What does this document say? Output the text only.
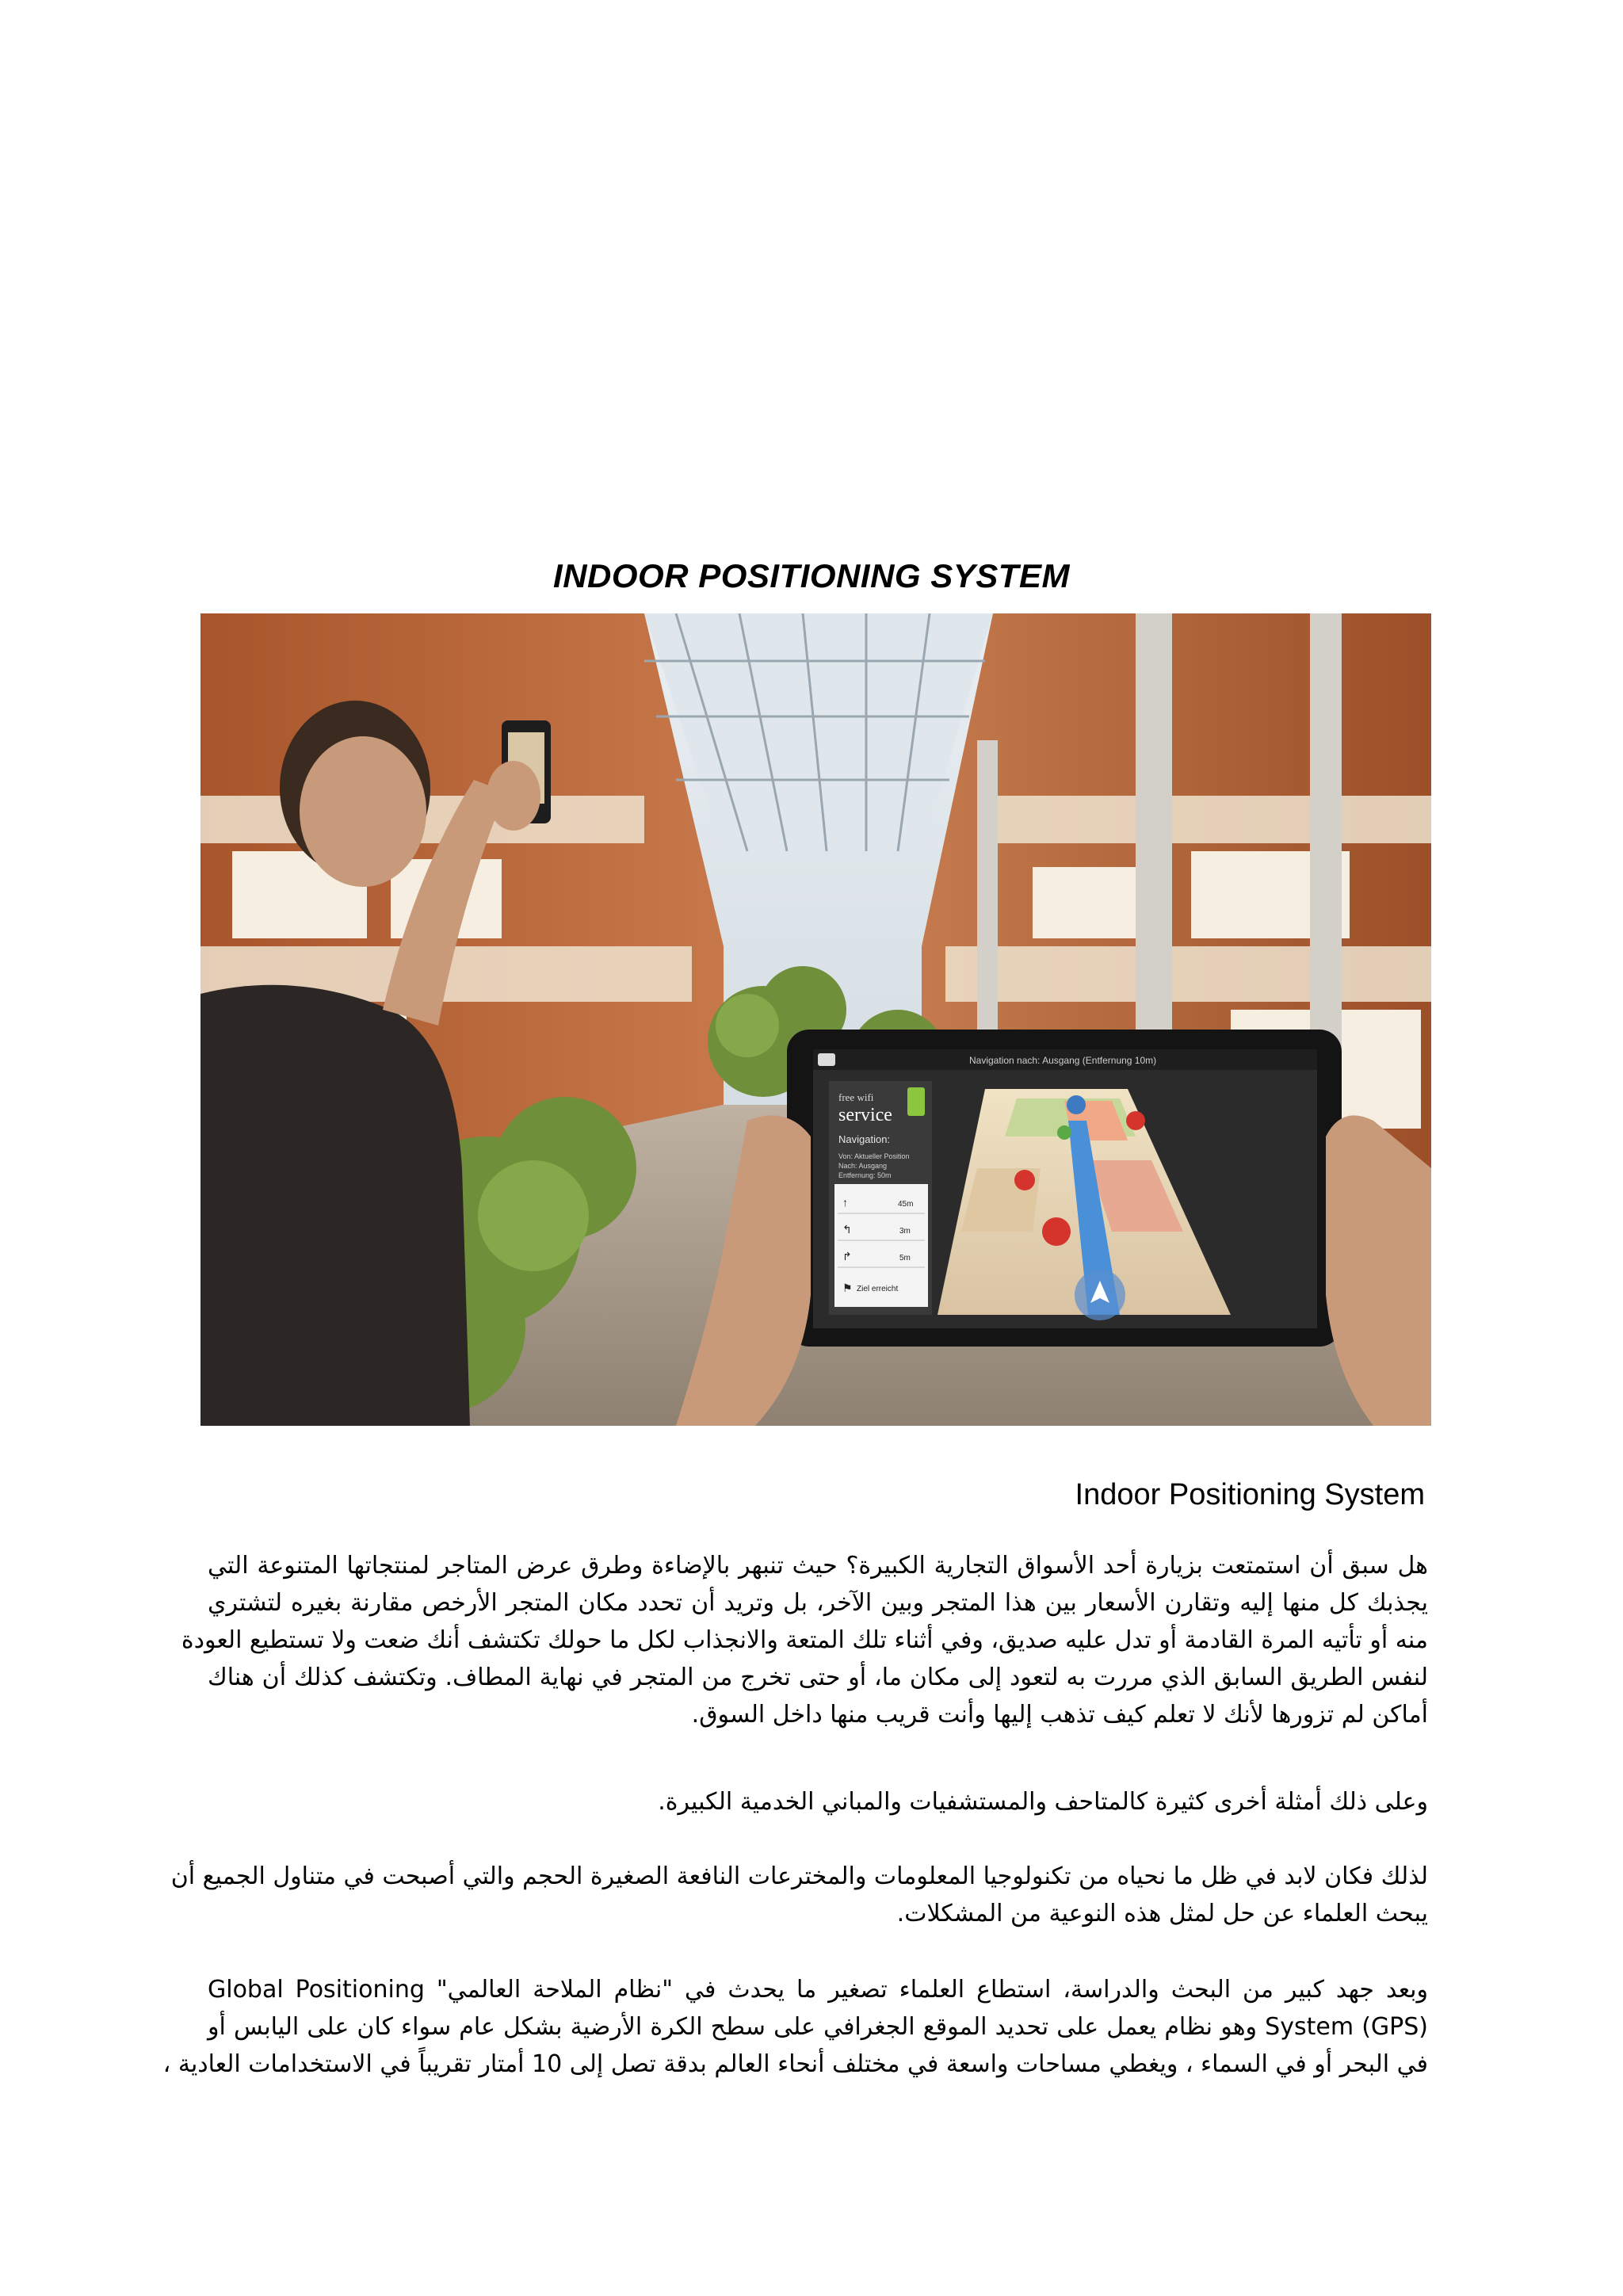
INDOOR POSITIONING SYSTEM
Navigation nach: Ausgang (Entfernung 10m)
free wifi
service
Navigation:
Von: Aktueller Position
Nach: Ausgang
Entfernung: 50m
↑	45m
↰	3m
↱	5m
⚑ Ziel erreicht
Indoor Positioning System
هل سبق أن استمتعت بزيارة أحد الأسواق التجارية الكبيرة؟ حيث تنبهر بالإضاءة وطرق عرض المتاجر لمنتجاتها المتنوعة التي
يجذبك كل منها إليه وتقارن الأسعار بين هذا المتجر وبين الآخر، بل وتريد أن تحدد مكان المتجر الأرخص مقارنة بغيره لتشتري
منه أو تأتيه المرة القادمة أو تدل عليه صديق، وفي أثناء تلك المتعة والانجذاب لكل ما حولك تكتشف أنك ضعت ولا تستطيع العودة
لنفس الطريق السابق الذي مررت به لتعود إلى مكان ما، أو حتى تخرج من المتجر في نهاية المطاف. وتكتشف كذلك أن هناك
أماكن لم تزورها لأنك لا تعلم كيف تذهب إليها وأنت قريب منها داخل السوق.
وعلى ذلك أمثلة أخرى كثيرة كالمتاحف والمستشفيات والمباني الخدمية الكبيرة.
لذلك فكان لابد في ظل ما نحياه من تكنولوجيا المعلومات والمخترعات النافعة الصغيرة الحجم والتي أصبحت في متناول الجميع أن
يبحث العلماء عن حل لمثل هذه النوعية من المشكلات.
وبعد جهد كبير من البحث والدراسة، استطاع العلماء تصغير ما يحدث في "نظام الملاحة العالمي" Global Positioning
System (GPS) وهو نظام يعمل على تحديد الموقع الجغرافي على سطح الكرة الأرضية بشكل عام سواء كان على اليابس أو
في البحر أو في السماء ، ويغطي مساحات واسعة في مختلف أنحاء العالم بدقة تصل إلى 10 أمتار تقريباً في الاستخدامات العادية ،
